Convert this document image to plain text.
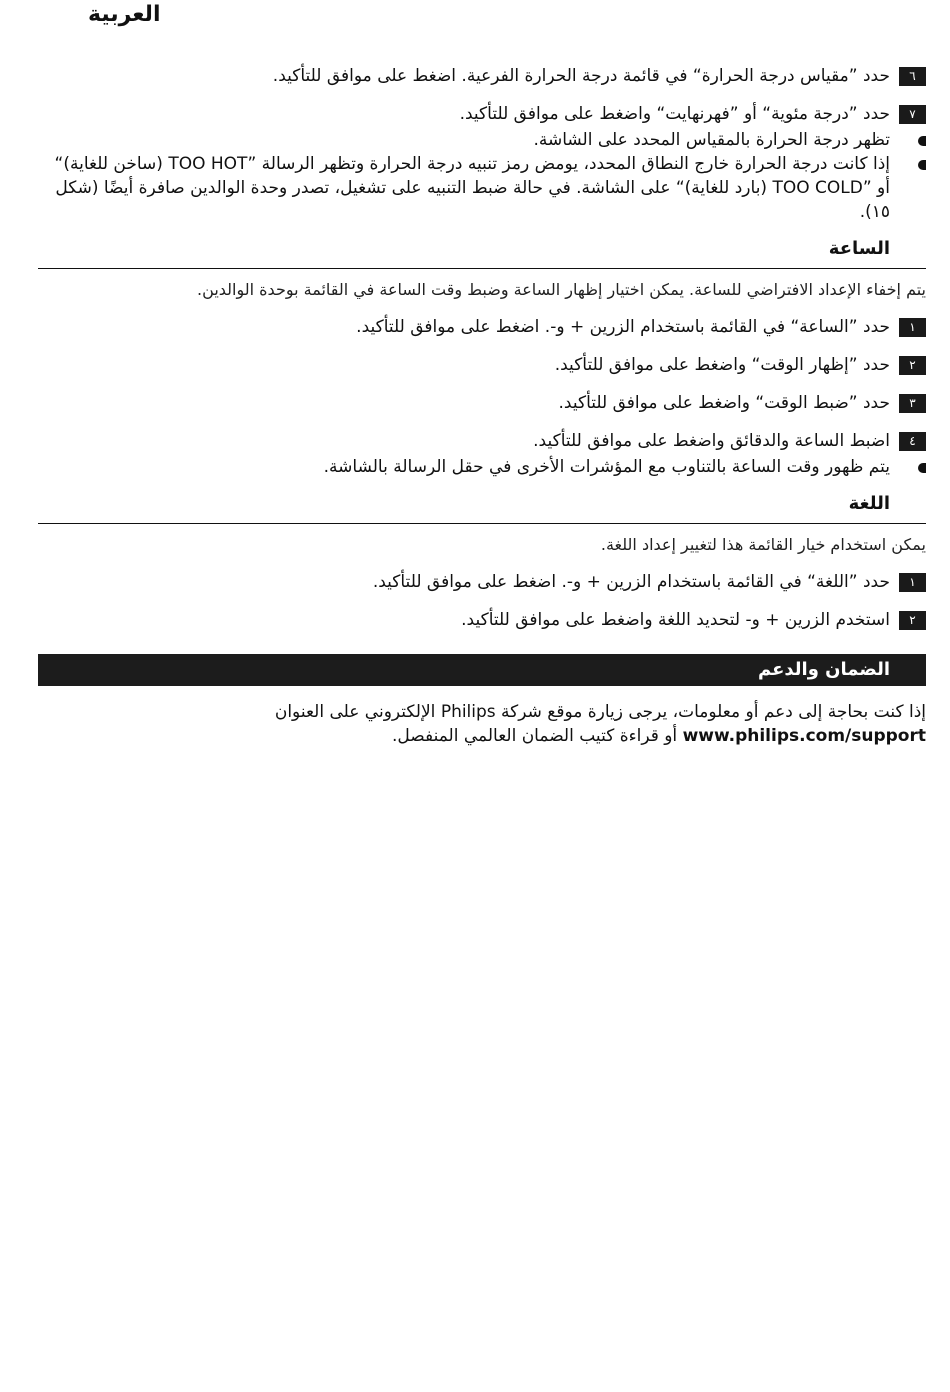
العربية
٦
حدد ”مقياس درجة الحرارة“ في قائمة درجة الحرارة الفرعية. اضغط على موافق للتأكيد.
٧
حدد ”درجة مئوية“ أو ”فهرنهايت“ واضغط على موافق للتأكيد.
تظهر درجة الحرارة بالمقياس المحدد على الشاشة.
إذا كانت درجة الحرارة خارج النطاق المحدد، يومض رمز تنبيه درجة الحرارة وتظهر الرسالة ”TOO HOT (ساخن للغاية)“ أو ”TOO COLD (بارد للغاية)“ على الشاشة. في حالة ضبط التنبيه على تشغيل، تصدر وحدة الوالدين صافرة أيضًا (شكل ١٥).
الساعة
يتم إخفاء الإعداد الافتراضي للساعة. يمكن اختيار إظهار الساعة وضبط وقت الساعة في القائمة بوحدة الوالدين.
١
حدد ”الساعة“ في القائمة باستخدام الزرين + و-. اضغط على موافق للتأكيد.
٢
حدد ”إظهار الوقت“ واضغط على موافق للتأكيد.
٣
حدد ”ضبط الوقت“ واضغط على موافق للتأكيد.
٤
اضبط الساعة والدقائق واضغط على موافق للتأكيد.
يتم ظهور وقت الساعة بالتناوب مع المؤشرات الأخرى في حقل الرسالة بالشاشة.
اللغة
يمكن استخدام خيار القائمة هذا لتغيير إعداد اللغة.
١
حدد ”اللغة“ في القائمة باستخدام الزرين + و-. اضغط على موافق للتأكيد.
٢
استخدم الزرين + و- لتحديد اللغة واضغط على موافق للتأكيد.
الضمان والدعم
إذا كنت بحاجة إلى دعم أو معلومات، يرجى زيارة موقع شركة Philips الإلكتروني على العنوان
www.philips.com/support أو قراءة كتيب الضمان العالمي المنفصل.
